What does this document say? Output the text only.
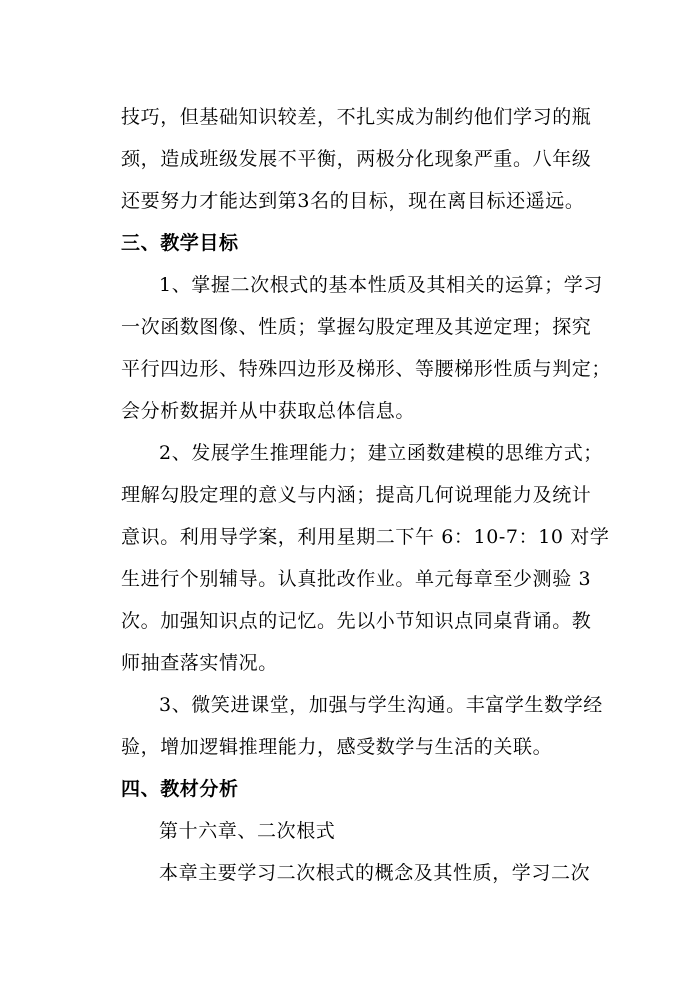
技巧，但基础知识较差，不扎实成为制约他们学习的瓶
颈，造成班级发展不平衡，两极分化现象严重。八年级
还要努力才能达到第3名的目标，现在离目标还遥远。
三、教学目标
1、掌握二次根式的基本性质及其相关的运算；学习
一次函数图像、性质；掌握勾股定理及其逆定理；探究
平行四边形、特殊四边形及梯形、等腰梯形性质与判定；
会分析数据并从中获取总体信息。
2、发展学生推理能力；建立函数建模的思维方式；
理解勾股定理的意义与内涵；提高几何说理能力及统计
意识。利用导学案，利用星期二下午 6：10-7：10 对学
生进行个别辅导。认真批改作业。单元每章至少测验 3
次。加强知识点的记忆。先以小节知识点同桌背诵。教
师抽查落实情况。
3、微笑进课堂，加强与学生沟通。丰富学生数学经
验，增加逻辑推理能力，感受数学与生活的关联。
四、教材分析
第十六章、二次根式
本章主要学习二次根式的概念及其性质，学习二次
